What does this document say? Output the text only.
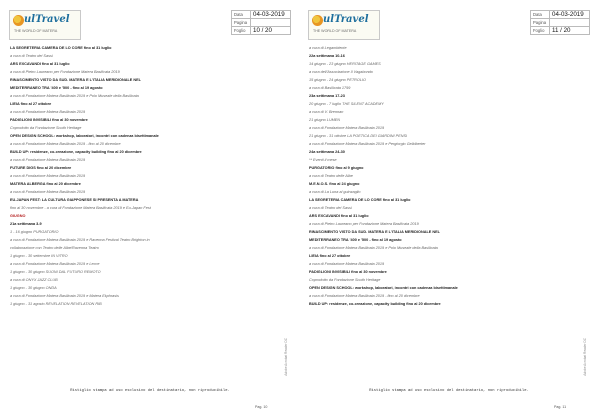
ulTravel
THE WORLD OF MATERA
Data	04-03-2019
Pagina	
Foglio	10 / 20
LA SEGRETERIA CAMERA DE LO CORE fino al 31 luglio
a cura di Teatro dei Sassi
ARS EXCAVANDI fino al 31 luglio
a cura di Pietro Laureano per Fondazione Matera Basilicata 2019
RINASCIMENTO VISTO DA SUD. MATERA E L'ITALIA MERIDIONALE NEL
MEDITERRANEO TRA '400 e '500 - fino al 19 agosto
a cura di Fondazione Matera Basilicata 2019 e Polo Museale della Basilicata
LIEIA fino al 27 ottobre
a cura di Fondazione Matera Basilicata 2019
PADIGLIONI INVISIBILI fino al 30 novembre
Coprodotto da Fondazione South Heritage
OPEN DESIGN SCHOOL: workshop, laboratori, incontri con cadenza bisettimanale
a cura di Fondazione Matera Basilicata 2019 - fino al 20 dicembre
BUILD UP: residenze, co-creazione, capacity building fino al 20 dicembre
a cura di Fondazione Matera Basilicata 2019
FUTURE DIGS fino al 20 dicembre
a cura di Fondazione Matera Basilicata 2019
MATERA ALBERGA fino al 20 dicembre
a cura di Fondazione Matera Basilicata 2019
EU-JAPAN FEST: LA CULTURA GIAPPONESE SI PRESENTA A MATERA
fino al 30 novembre - a cura di Fondazione Matera Basilicata 2019 e Eu-Japan Fest
GIUGNO
21a settimana 3-9
1 - 16 giugno PURGATORIO
a cura di Fondazione Matera Basilicata 2019 e Ravenna Festival Teatro Brighton in
collaborazione con Teatro delle Albe/Ravenna Teatro
1 giugno - 30 settembre IN VITRO
a cura di Fondazione Matera Basilicata 2019 e Lecce
1 giugno - 30 giugno SUONI DAL FUTURO REMOTO
a cura di ONYX JAZZ CLUB
1 giugno - 30 giugno ONDA
a cura di Fondazione Matera Basilicata 2019 e Matera Ekphrasis
1 giugno - 31 agosto REVELATION REVELATION RIB
Adobe Acrobat Reader DC
Ristiglio stampa ad uso esclusivo del destinatario, non riproducibile.
Pag. 10
ulTravel
THE WORLD OF MATERA
Data	04-03-2019
Pagina	
Foglio	11 / 20
a cura di Legambiente
22a settimana 10-16
14 giugno - 23 giugno HERITAGE GAMES
a cura dell'Associazione Il Vagabondo
15 giugno - 24 giugno PETROLIO
a cura di Basilicata 1799
23a settimana 17-23
20 giugno - 7 luglio THE SILENT ACADEMY
a cura di V. Brennan
21 giugno LUMEN
a cura di Fondazione Matera Basilicata 2019
21 giugno - 31 ottobre LA POETICA DEI GIARDINI PENSI
a cura di Fondazione Matera Basilicata 2019 e Pergiorgio Gelldberter
24a settimana 24-30
** Eventi il mese
PURGATORIO fino al 9 giugno
a cura di Teatro delle Albe
M.E.N.O.S. fino al 24 giugno
a cura di La Luna al guinzaglio
LA SEGRETERIA CAMERA DE LO CORE fino al 31 luglio
a cura di Teatro dei Sassi
ARS EXCAVANDI fino al 31 luglio
a cura di Pietro Laureano per Fondazione Matera Basilicata 2019
RINASCIMENTO VISTO DA SUD. MATERA E L'ITALIA MERIDIONALE NEL
MEDITERRANEO TRA '400 e '500 - fino al 19 agosto
a cura di Fondazione Matera Basilicata 2019 e Polo Museale della Basilicata
LIEIA fino al 27 ottobre
a cura di Fondazione Matera Basilicata 2019
PADIGLIONI INVISIBILI fino al 30 novembre
Coprodotto da Fondazione South Heritage
OPEN DESIGN SCHOOL: workshop, laboratori, incontri con cadenza bisettimanale
a cura di Fondazione Matera Basilicata 2019 - fino al 20 dicembre
BUILD UP: residenze, co-creazione, capacity building fino al 20 dicembre
Adobe Acrobat Reader DC
Ristiglio stampa ad uso esclusivo del destinatario, non riproducibile.
Pag. 11
